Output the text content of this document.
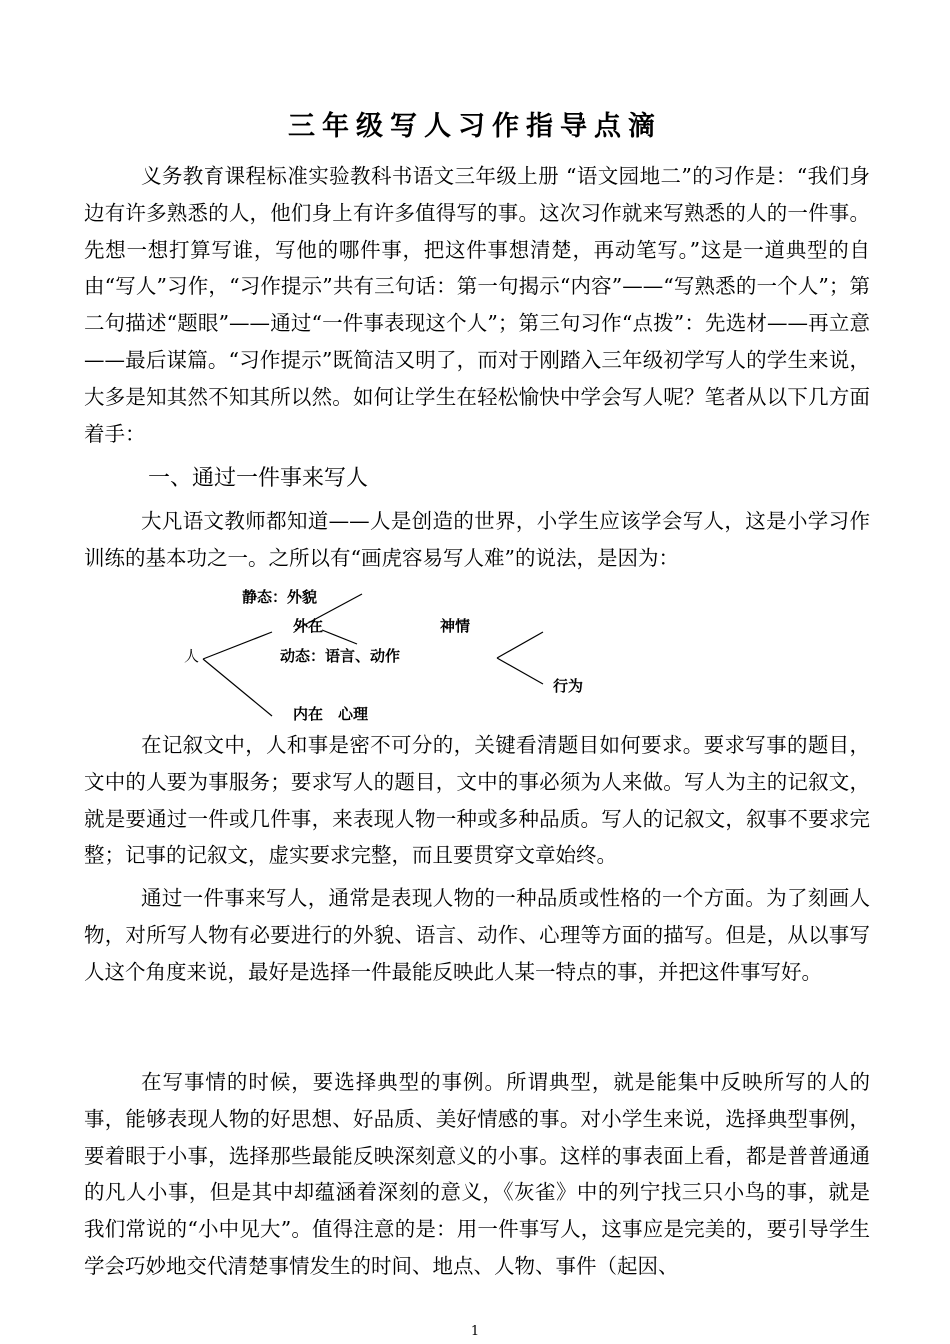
三年级写人习作指导点滴

义务教育课程标准实验教科书语文三年级上册 “语文园地二”的习作是：“我们身边有许多熟悉的人，他们身上有许多值得写的事。这次习作就来写熟悉的人的一件事。先想一想打算写谁，写他的哪件事，把这件事想清楚，再动笔写。”这是一道典型的自由“写人”习作，“习作提示”共有三句话：第一句揭示“内容”——“写熟悉的一个人”；第二句描述“题眼”——通过“一件事表现这个人”；第三句习作“点拨”：先选材——再立意——最后谋篇。“习作提示”既简洁又明了，而对于刚踏入三年级初学写人的学生来说，大多是知其然不知其所以然。如何让学生在轻松愉快中学会写人呢？笔者从以下几方面着手：

一、通过一件事来写人

大凡语文教师都知道——人是创造的世界，小学生应该学会写人，这是小学习作训练的基本功之一。之所以有“画虎容易写人难”的说法，是因为：

静态：外貌
外在	神情
人	动态：语言、动作
行为
内在　心理

在记叙文中，人和事是密不可分的，关键看清题目如何要求。要求写事的题目，文中的人要为事服务；要求写人的题目，文中的事必须为人来做。写人为主的记叙文，就是要通过一件或几件事，来表现人物一种或多种品质。写人的记叙文，叙事不要求完整；记事的记叙文，虚实要求完整，而且要贯穿文章始终。

通过一件事来写人，通常是表现人物的一种品质或性格的一个方面。为了刻画人物，对所写人物有必要进行的外貌、语言、动作、心理等方面的描写。但是，从以事写人这个角度来说，最好是选择一件最能反映此人某一特点的事，并把这件事写好。

在写事情的时候，要选择典型的事例。所谓典型，就是能集中反映所写的人的事，能够表现人物的好思想、好品质、美好情感的事。对小学生来说，选择典型事例，要着眼于小事，选择那些最能反映深刻意义的小事。这样的事表面上看，都是普普通通的凡人小事，但是其中却蕴涵着深刻的意义，《灰雀》中的列宁找三只小鸟的事，就是我们常说的“小中见大”。值得注意的是：用一件事写人，这事应是完美的，要引导学生学会巧妙地交代清楚事情发生的时间、地点、人物、事件（起因、

1
